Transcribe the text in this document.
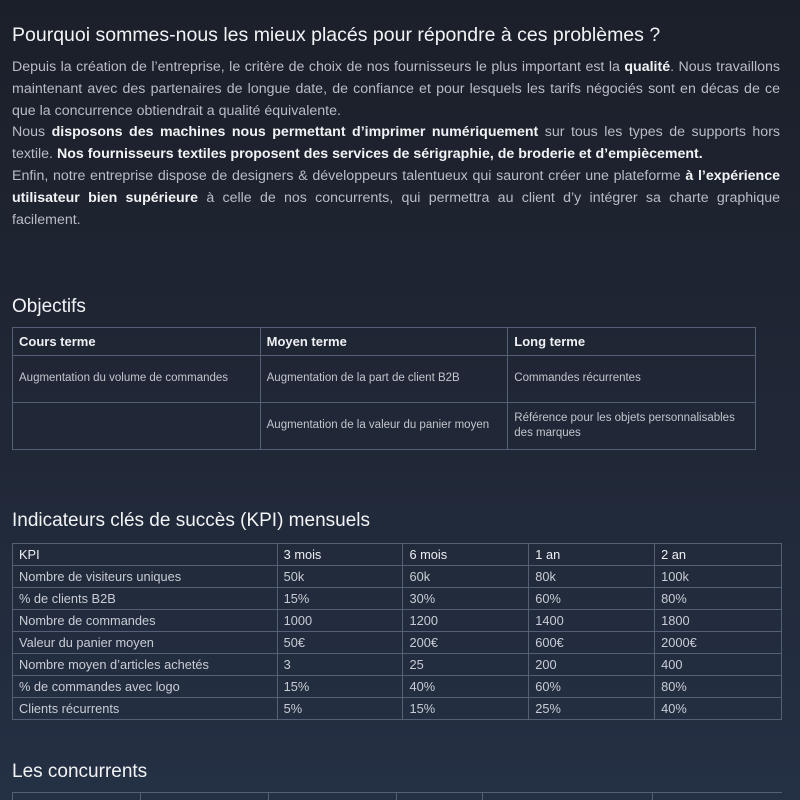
Pourquoi sommes-nous les mieux placés pour répondre à ces problèmes ?

Depuis la création de l’entreprise, le critère de choix de nos fournisseurs le plus important est la qualité. Nous travaillons maintenant avec des partenaires de longue date, de confiance et pour lesquels les tarifs négociés sont en décas de ce que la concurrence obtiendrait a qualité équivalente.

Nous disposons des machines nous permettant d’imprimer numériquement sur tous les types de supports hors textile. Nos fournisseurs textiles proposent des services de sérigraphie, de broderie et d’empiècement.

Enfin, notre entreprise dispose de designers & développeurs talentueux qui sauront créer une plateforme à l’expérience utilisateur bien supérieure à celle de nos concurrents, qui permettra au client d’y intégrer sa charte graphique facilement.

Objectifs
Cours terme	Moyen terme	Long terme
Augmentation du volume de commandes	Augmentation de la part de client B2B	Commandes récurrentes
	Augmentation de la valeur du panier moyen	Référence pour les objets personnalisables des marques
Indicateurs clés de succès (KPI) mensuels
KPI	3 mois	6 mois	1 an	2 an
Nombre de visiteurs uniques	50k	60k	80k	100k
% de clients B2B	15%	30%	60%	80%
Nombre de commandes	1000	1200	1400	1800
Valeur du panier moyen	50€	200€	600€	2000€
Nombre moyen d’articles achetés	3	25	200	400
% de commandes avec logo	15%	40%	60%	80%
Clients récurrents	5%	15%	25%	40%
Les concurrents
